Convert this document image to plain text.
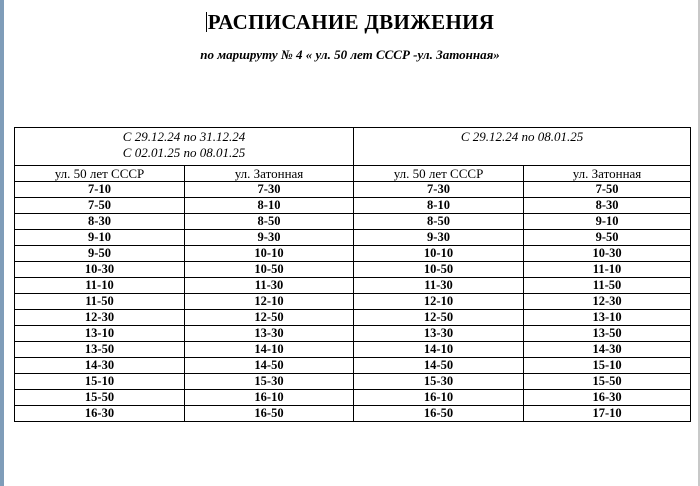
РАСПИСАНИЕ ДВИЖЕНИЯ
по маршруту № 4 « ул. 50 лет СССР -ул. Затонная»
С 29.12.24 по 31.12.24
С 02.01.25 по 08.01.25		С 29.12.24 по 08.01.25	

ул. 50 лет СССР	ул. Затонная	ул. 50 лет СССР	ул. Затонная
7-10	7-30	7-30	7-50
7-50	8-10	8-10	8-30
8-30	8-50	8-50	9-10
9-10	9-30	9-30	9-50
9-50	10-10	10-10	10-30
10-30	10-50	10-50	11-10
11-10	11-30	11-30	11-50
11-50	12-10	12-10	12-30
12-30	12-50	12-50	13-10
13-10	13-30	13-30	13-50
13-50	14-10	14-10	14-30
14-30	14-50	14-50	15-10
15-10	15-30	15-30	15-50
15-50	16-10	16-10	16-30
16-30	16-50	16-50	17-10
